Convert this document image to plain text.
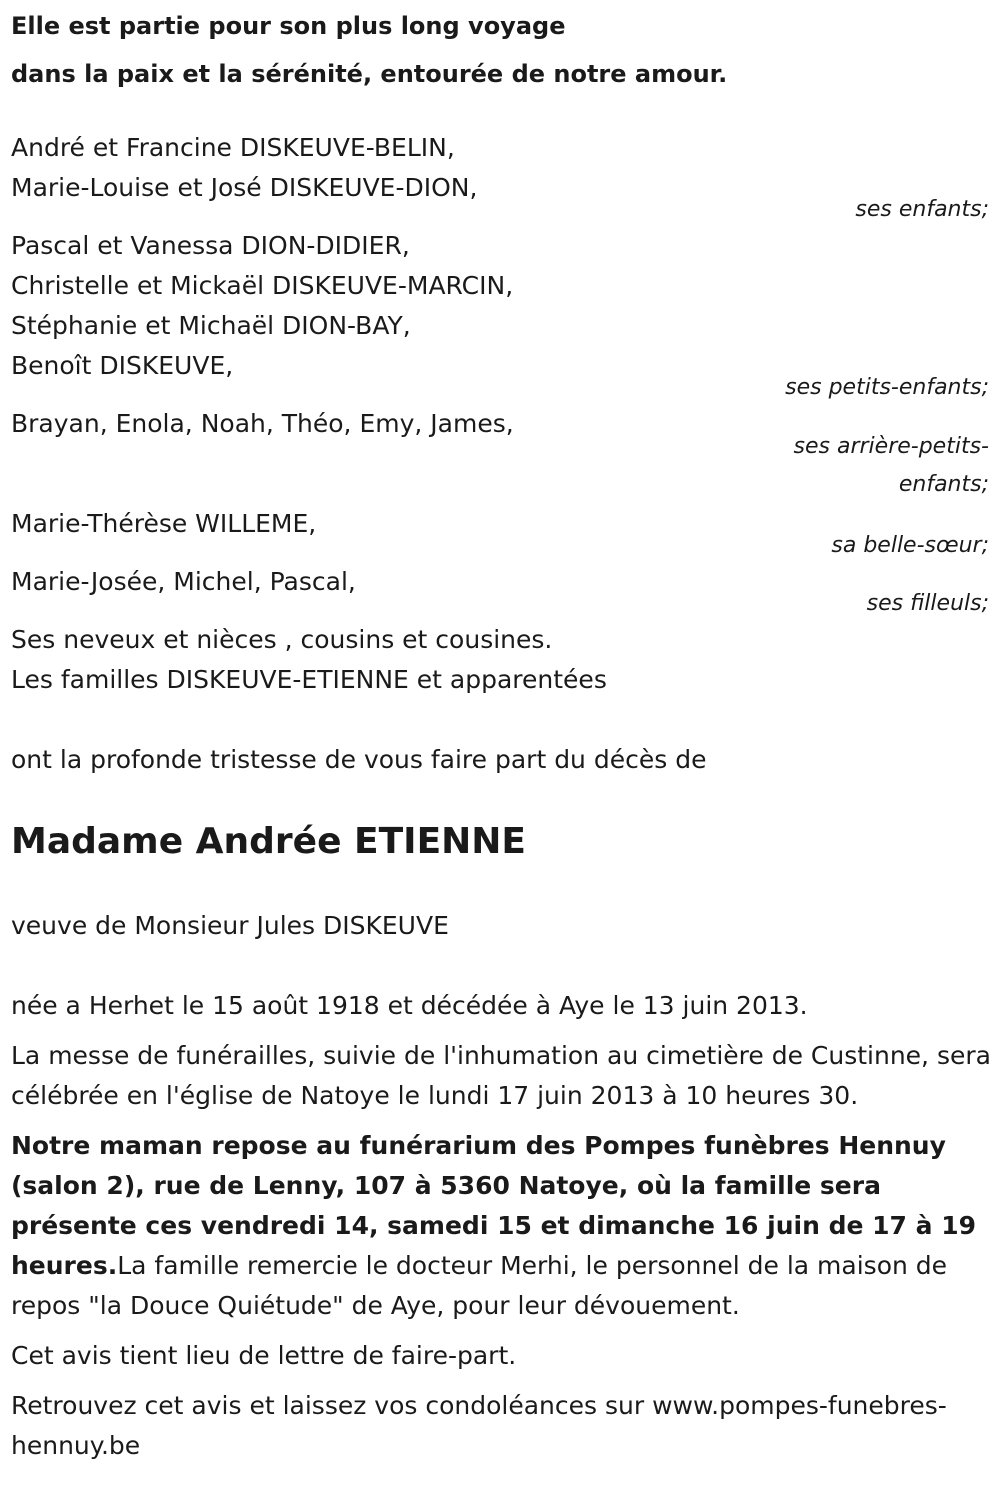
Elle est partie pour son plus long voyage
dans la paix et la sérénité, entourée de notre amour.
André et Francine DISKEUVE-BELIN,
Marie-Louise et José DISKEUVE-DION,
ses enfants;
Pascal et Vanessa DION-DIDIER,
Christelle et Mickaël DISKEUVE-MARCIN,
Stéphanie et Michaël DION-BAY,
Benoît DISKEUVE,
ses petits-enfants;
Brayan, Enola, Noah, Théo, Emy, James,
ses arrière-petits-
enfants;
Marie-Thérèse WILLEME,
sa belle-sœur;
Marie-Josée, Michel, Pascal,
ses filleuls;
Ses neveux et nièces , cousins et cousines.
Les familles DISKEUVE-ETIENNE et apparentées

ont la profonde tristesse de vous faire part du décès de

Madame Andrée ETIENNE

veuve de Monsieur Jules DISKEUVE

née a Herhet le 15 août 1918 et décédée à Aye le 13 juin 2013.

La messe de funérailles, suivie de l'inhumation au cimetière de Custinne, sera célébrée en l'église de Natoye le lundi 17 juin 2013 à 10 heures 30.

Notre maman repose au funérarium des Pompes funèbres Hennuy (salon 2), rue de Lenny, 107 à 5360 Natoye, où la famille sera présente ces vendredi 14, samedi 15 et dimanche 16 juin de 17 à 19 heures.La famille remercie le docteur Merhi, le personnel de la maison de repos "la Douce Quiétude" de Aye, pour leur dévouement.

Cet avis tient lieu de lettre de faire-part.

Retrouvez cet avis et laissez vos condoléances sur www.pompes-funebres-hennuy.be
